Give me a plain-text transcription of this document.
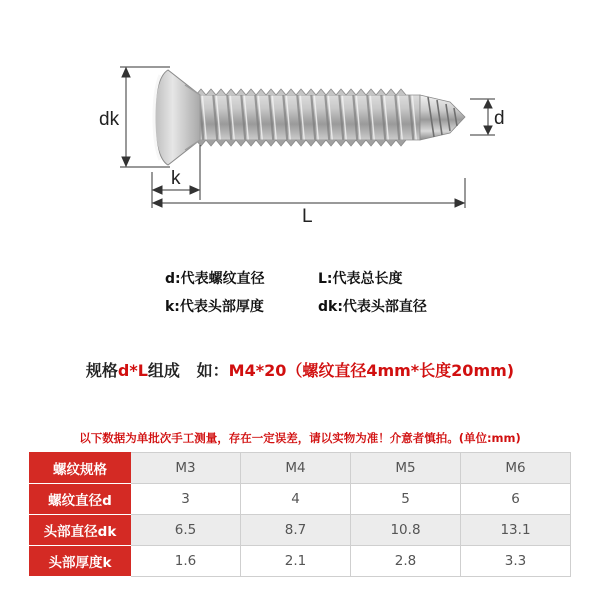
dk
k
d
L
d:代表螺纹直径	L:代表总长度
k:代表头部厚度	dk:代表头部直径
规格d*L组成   如：M4*20（螺纹直径4mm*长度20mm)
以下数据为单批次手工测量，存在一定误差，请以实物为准！介意者慎拍。(单位:mm)
螺纹规格	M3	M4	M5	M6
螺纹直径d	3	4	5	6
头部直径dk	6.5	8.7	10.8	13.1
头部厚度k	1.6	2.1	2.8	3.3
